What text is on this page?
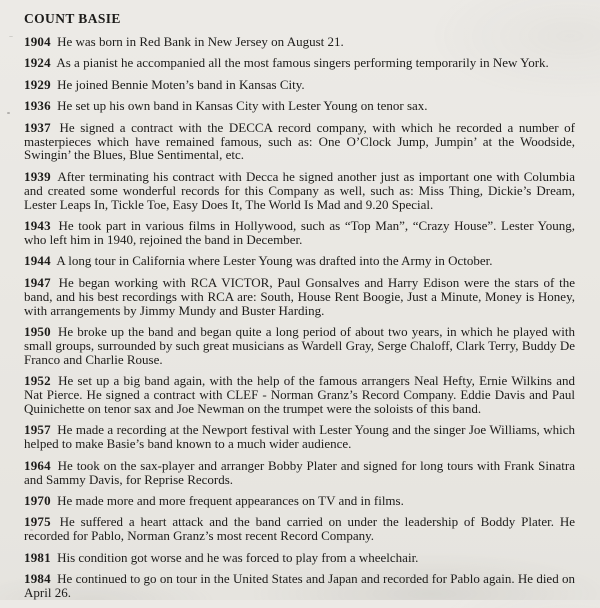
COUNT BASIE

1904 He was born in Red Bank in New Jersey on August 21.

1924 As a pianist he accompanied all the most famous singers performing temporarily in New York.

1929 He joined Bennie Moten’s band in Kansas City.

1936 He set up his own band in Kansas City with Lester Young on tenor sax.

1937 He signed a contract with the DECCA record company, with which he recorded a number of masterpieces which have remained famous, such as: One O’Clock Jump, Jumpin’ at the Woodside, Swingin’ the Blues, Blue Sentimental, etc.

1939 After terminating his contract with Decca he signed another just as important one with Columbia and created some wonderful records for this Company as well, such as: Miss Thing, Dickie’s Dream, Lester Leaps In, Tickle Toe, Easy Does It, The World Is Mad and 9.20 Special.

1943 He took part in various films in Hollywood, such as “Top Man”, “Crazy House”. Lester Young, who left him in 1940, rejoined the band in December.

1944 A long tour in California where Lester Young was drafted into the Army in October.

1947 He began working with RCA VICTOR, Paul Gonsalves and Harry Edison were the stars of the band, and his best recordings with RCA are: South, House Rent Boogie, Just a Minute, Money is Honey, with arrangements by Jimmy Mundy and Buster Harding.

1950 He broke up the band and began quite a long period of about two years, in which he played with small groups, surrounded by such great musicians as Wardell Gray, Serge Chaloff, Clark Terry, Buddy De Franco and Charlie Rouse.

1952 He set up a big band again, with the help of the famous arrangers Neal Hefty, Ernie Wilkins and Nat Pierce. He signed a contract with CLEF - Norman Granz’s Record Company. Eddie Davis and Paul Quinichette on tenor sax and Joe Newman on the trumpet were the soloists of this band.

1957 He made a recording at the Newport festival with Lester Young and the singer Joe Williams, which helped to make Basie’s band known to a much wider audience.

1964 He took on the sax-player and arranger Bobby Plater and signed for long tours with Frank Sinatra and Sammy Davis, for Reprise Records.

1970 He made more and more frequent appearances on TV and in films.

1975 He suffered a heart attack and the band carried on under the leadership of Boddy Plater. He recorded for Pablo, Norman Granz’s most recent Record Company.

1981 His condition got worse and he was forced to play from a wheelchair.

1984 He continued to go on tour in the United States and Japan and recorded for Pablo again. He died on April 26.
